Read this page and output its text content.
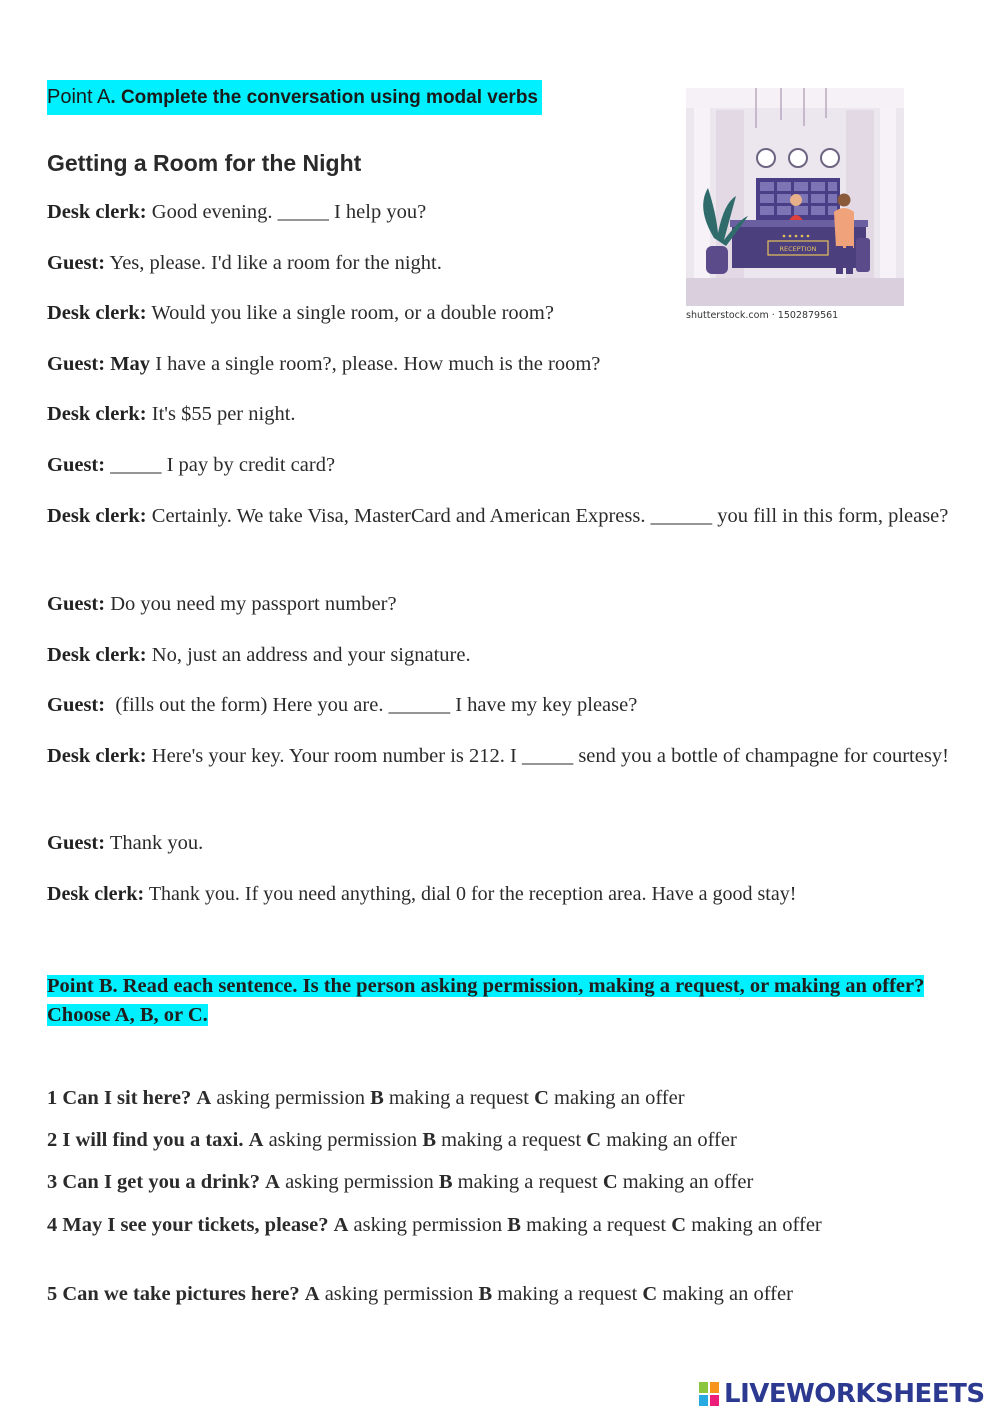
Point A. Complete the conversation using modal verbs
Getting a Room for the Night
RECEPTION
shutterstock.com · 1502879561
Desk clerk: Good evening. _____ I help you?
Guest: Yes, please. I'd like a room for the night.
Desk clerk: Would you like a single room, or a double room?
Guest: May I have a single room?, please. How much is the room?
Desk clerk: It's $55 per night.
Guest: _____ I pay by credit card?
Desk clerk: Certainly. We take Visa, MasterCard and American Express. ______ you fill in this form, please?
Guest: Do you need my passport number?
Desk clerk: No, just an address and your signature.
Guest:  (fills out the form) Here you are. ______ I have my key please?
Desk clerk: Here's your key. Your room number is 212. I _____ send you a bottle of champagne for courtesy!
Guest: Thank you.
Desk clerk: Thank you. If you need anything, dial 0 for the reception area. Have a good stay!
Point B. Read each sentence. Is the person asking permission, making a request, or making an offer? Choose A, B, or C.
1 Can I sit here? A asking permission B making a request C making an offer
2 I will find you a taxi. A asking permission B making a request C making an offer
3 Can I get you a drink? A asking permission B making a request C making an offer
4 May I see your tickets, please? A asking permission B making a request C making an offer
5 Can we take pictures here? A asking permission B making a request C making an offer
LIVEWORKSHEETS
